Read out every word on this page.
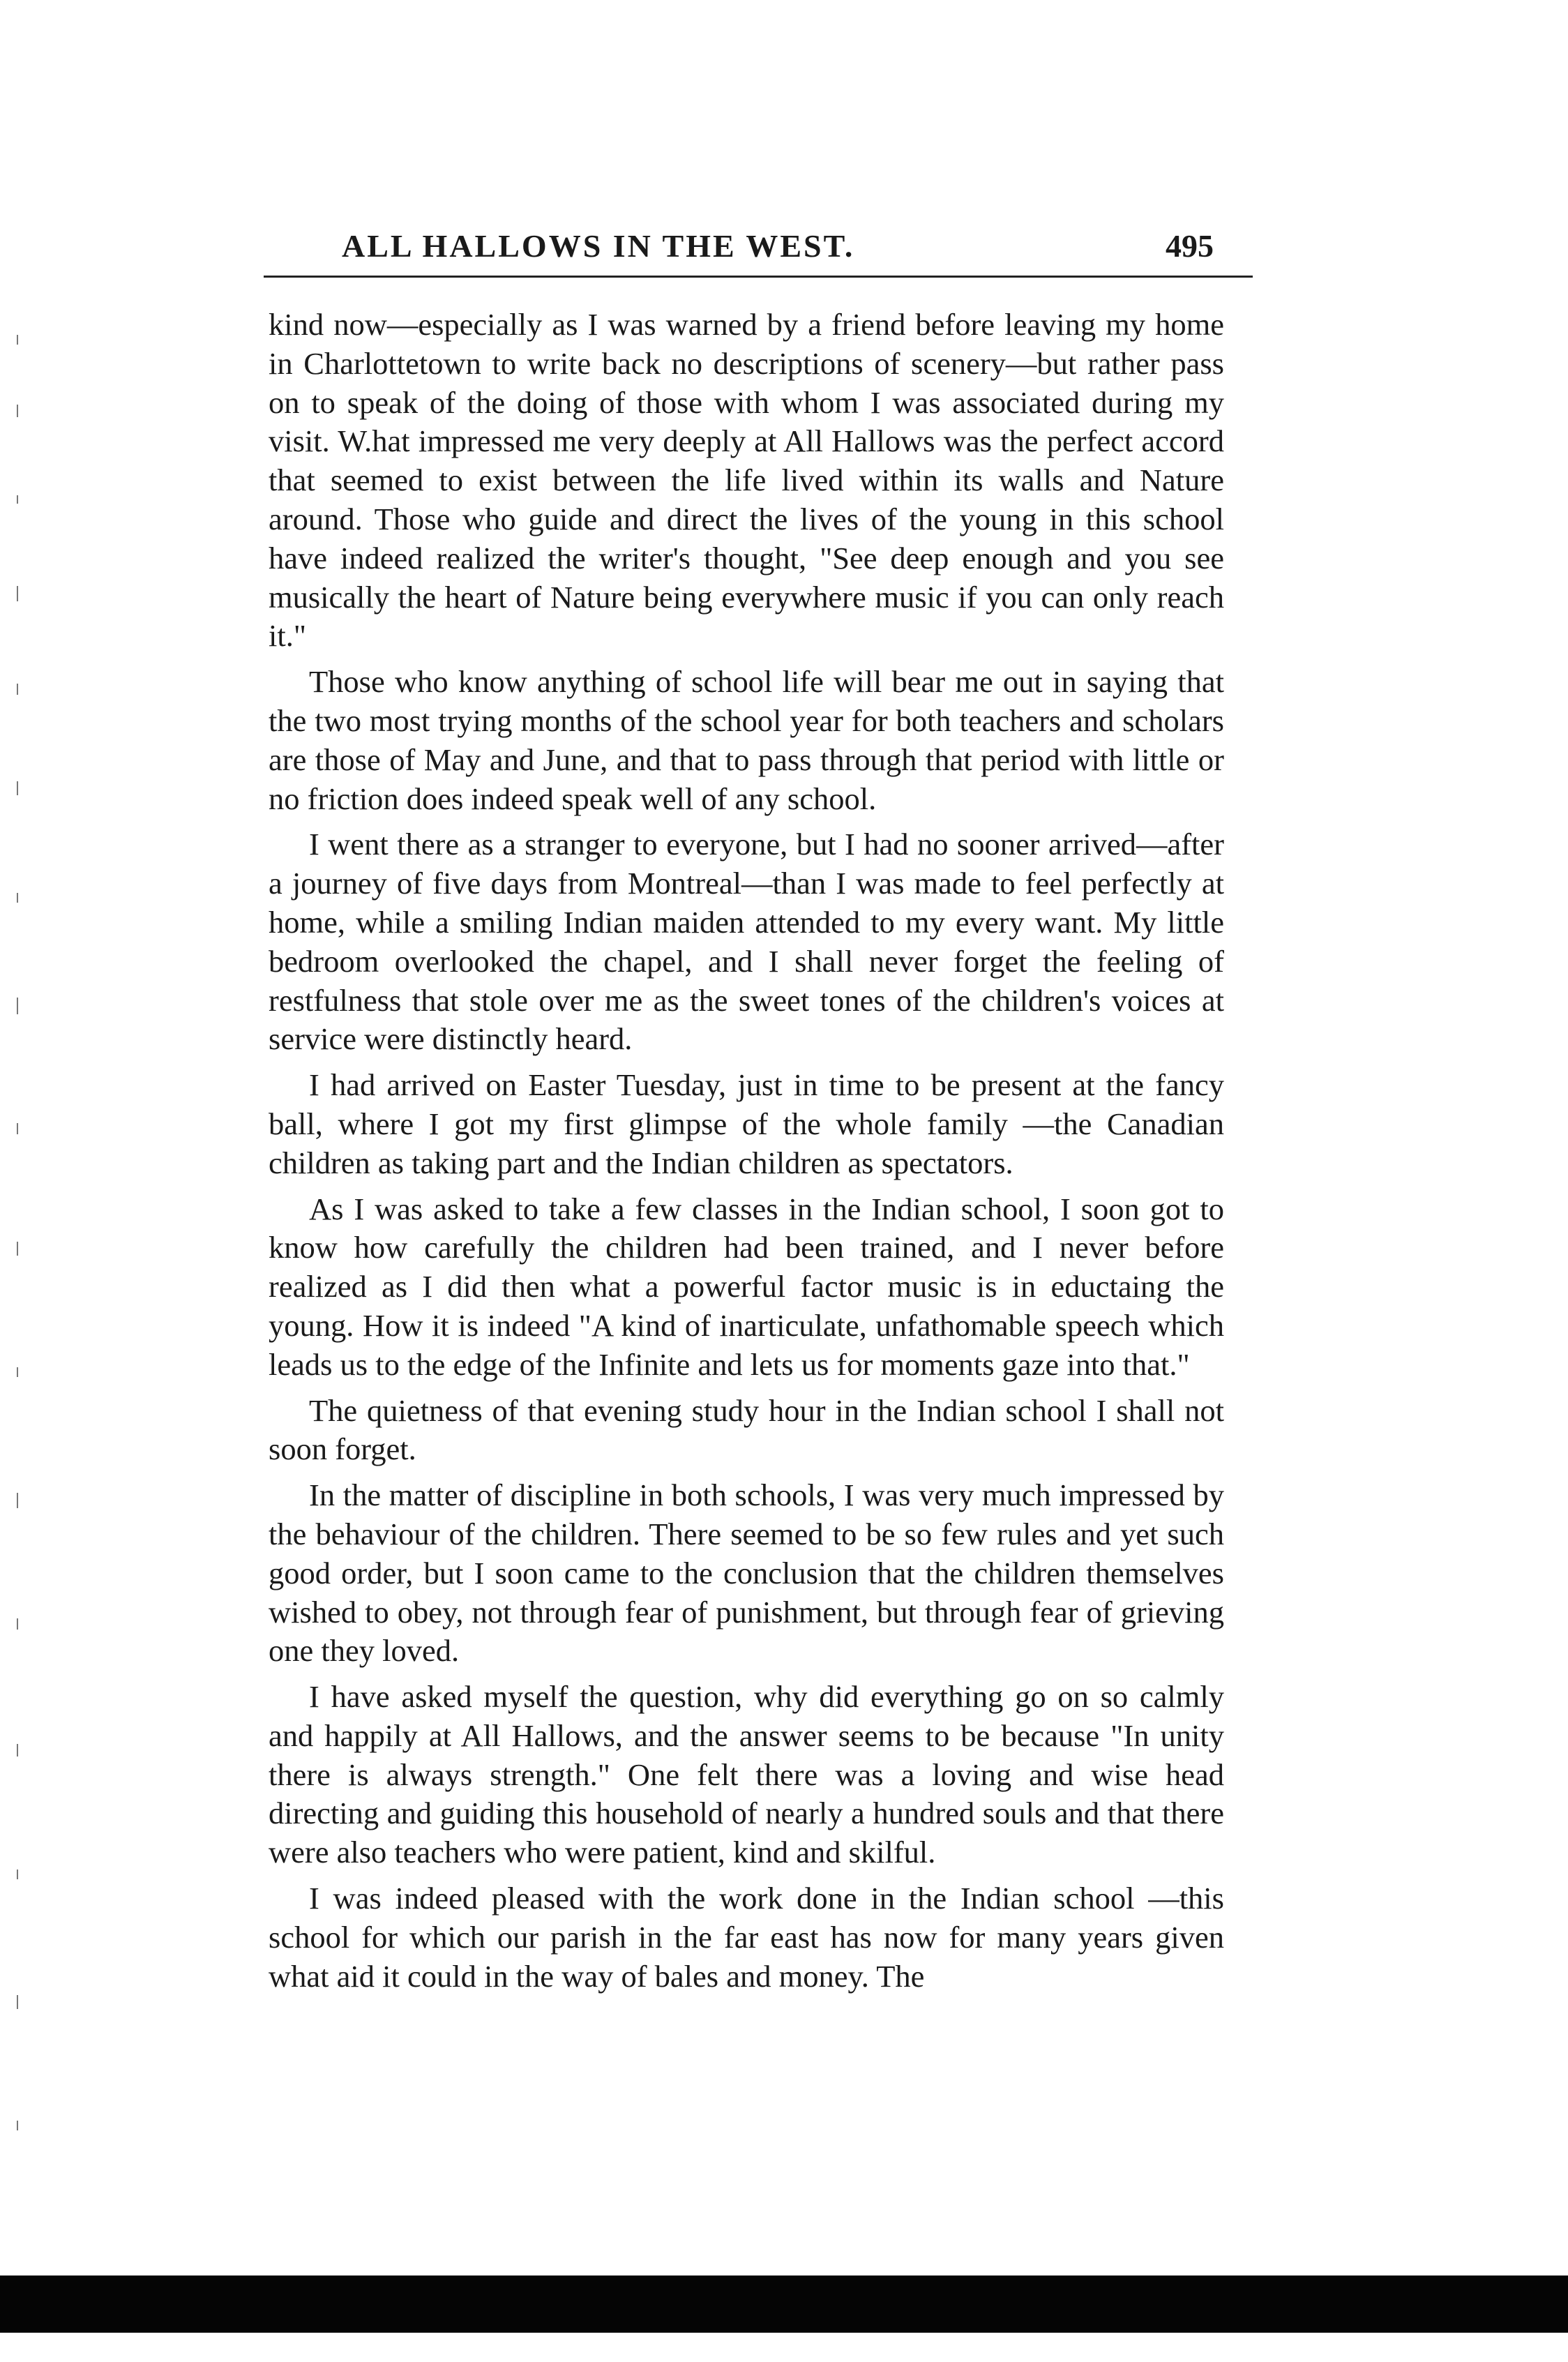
ALL HALLOWS IN THE WEST.	495

kind now—especially as I was warned by a friend before leaving my home in Charlottetown to write back no descriptions of scenery—but rather pass on to speak of the doing of those with whom I was associated during my visit. W.hat impressed me very deeply at All Hallows was the perfect accord that seemed to exist between the life lived within its walls and Nature around. Those who guide and direct the lives of the young in this school have indeed realized the writer's thought, "See deep enough and you see musically the heart of Nature being everywhere music if you can only reach it."

Those who know anything of school life will bear me out in saying that the two most trying months of the school year for both teachers and scholars are those of May and June, and that to pass through that period with little or no friction does indeed speak well of any school.

I went there as a stranger to everyone, but I had no sooner arrived—after a journey of five days from Montreal—than I was made to feel perfectly at home, while a smiling Indian maiden attended to my every want. My little bedroom overlooked the chapel, and I shall never forget the feeling of restfulness that stole over me as the sweet tones of the children's voices at service were distinctly heard.

I had arrived on Easter Tuesday, just in time to be present at the fancy ball, where I got my first glimpse of the whole family —the Canadian children as taking part and the Indian children as spectators.

As I was asked to take a few classes in the Indian school, I soon got to know how carefully the children had been trained, and I never before realized as I did then what a powerful factor music is in eductaing the young. How it is indeed "A kind of inarticulate, unfathomable speech which leads us to the edge of the Infinite and lets us for moments gaze into that."

The quietness of that evening study hour in the Indian school I shall not soon forget.

In the matter of discipline in both schools, I was very much impressed by the behaviour of the children. There seemed to be so few rules and yet such good order, but I soon came to the conclusion that the children themselves wished to obey, not through fear of punishment, but through fear of grieving one they loved.

I have asked myself the question, why did everything go on so calmly and happily at All Hallows, and the answer seems to be because "In unity there is always strength." One felt there was a loving and wise head directing and guiding this household of nearly a hundred souls and that there were also teachers who were patient, kind and skilful.

I was indeed pleased with the work done in the Indian school —this school for which our parish in the far east has now for many years given what aid it could in the way of bales and money. The
